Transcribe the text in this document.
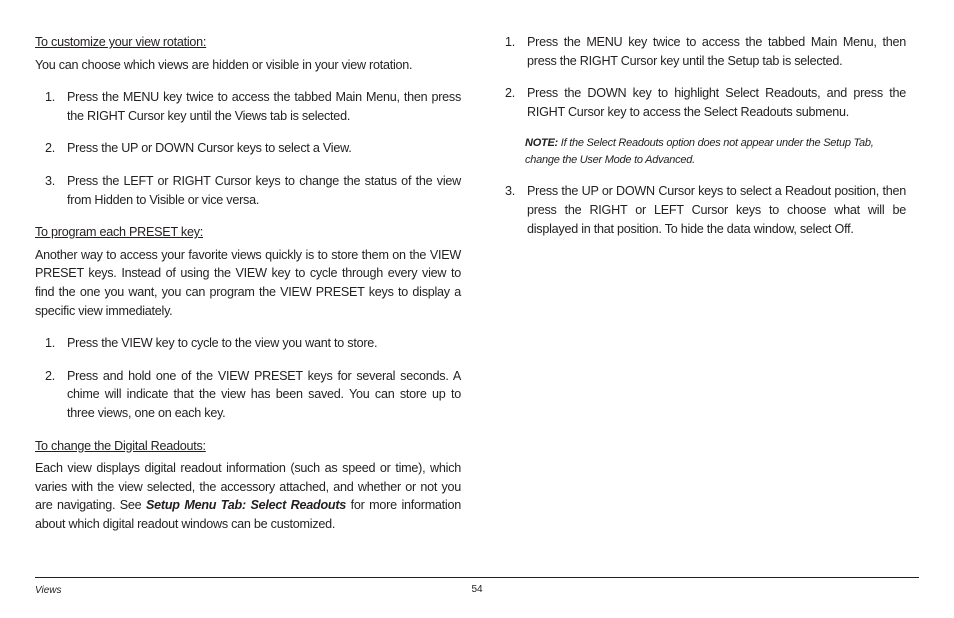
To customize your view rotation:

You can choose which views are hidden or visible in your view rotation.

1. Press the MENU key twice to access the tabbed Main Menu, then press the RIGHT Cursor key until the Views tab is selected.
2. Press the UP or DOWN Cursor keys to select a View.
3. Press the LEFT or RIGHT Cursor keys to change the status of the view from Hidden to Visible or vice versa.

To program each PRESET key:

Another way to access your favorite views quickly is to store them on the VIEW PRESET keys. Instead of using the VIEW key to cycle through every view to find the one you want, you can program the VIEW PRESET keys to display a specific view immediately.

1. Press the VIEW key to cycle to the view you want to store.
2. Press and hold one of the VIEW PRESET keys for several seconds. A chime will indicate that the view has been saved. You can store up to three views, one on each key.

To change the Digital Readouts:

Each view displays digital readout information (such as speed or time), which varies with the view selected, the accessory attached, and whether or not you are navigating. See Setup Menu Tab: Select Readouts for more information about which digital readout windows can be customized.

1. Press the MENU key twice to access the tabbed Main Menu, then press the RIGHT Cursor key until the Setup tab is selected.
2. Press the DOWN key to highlight Select Readouts, and press the RIGHT Cursor key to access the Select Readouts submenu.

NOTE: If the Select Readouts option does not appear under the Setup Tab, change the User Mode to Advanced.

3. Press the UP or DOWN Cursor keys to select a Readout position, then press the RIGHT or LEFT Cursor keys to choose what will be displayed in that position. To hide the data window, select Off.
Views	54
